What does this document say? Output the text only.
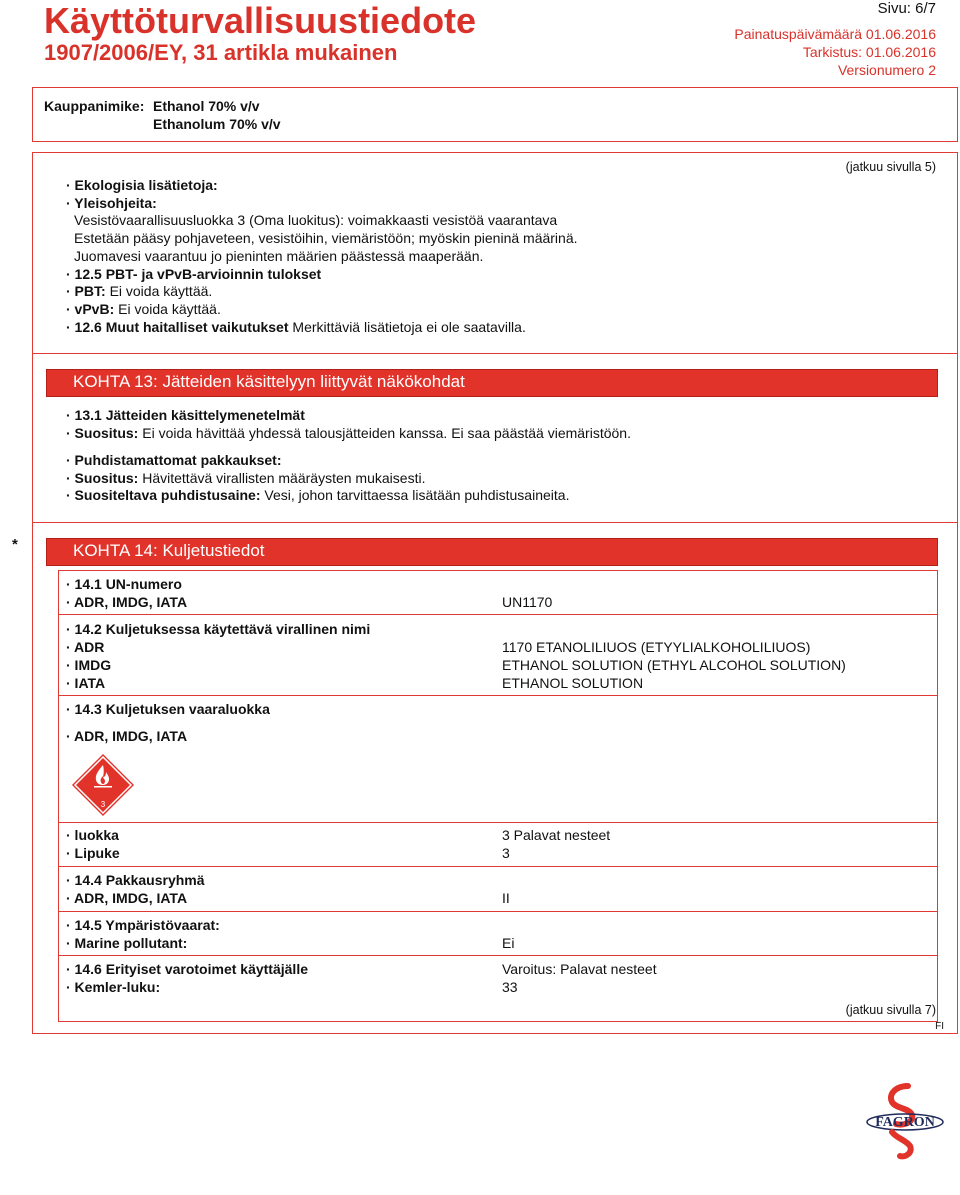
Käyttöturvallisuustiedote
1907/2006/EY, 31 artikla mukainen
Sivu: 6/7
Painatuspäivämäärä 01.06.2016
Tarkistus: 01.06.2016
Versionumero 2
Kauppanimike: Ethanol 70% v/v
Ethanolum 70% v/v
(jatkuu sivulla 5)
· Ekologisia lisätietoja:
· Yleisohjeita:
Vesistövaarallisuusluokka 3 (Oma luokitus): voimakkaasti vesistöä vaarantava
Estetään pääsy pohjaveteen, vesistöihin, viemäristöön; myöskin pieninä määrinä.
Juomavesi vaarantuu jo pieninten määrien päästessä maaperään.
· 12.5 PBT- ja vPvB-arvioinnin tulokset
· PBT: Ei voida käyttää.
· vPvB: Ei voida käyttää.
· 12.6 Muut haitalliset vaikutukset Merkittäviä lisätietoja ei ole saatavilla.
KOHTA 13: Jätteiden käsittelyyn liittyvät näkökohdat
· 13.1 Jätteiden käsittelymenetelmät
· Suositus: Ei voida hävittää yhdessä talousjätteiden kanssa. Ei saa päästää viemäristöön.
· Puhdistamattomat pakkaukset:
· Suositus: Hävitettävä virallisten määräysten mukaisesti.
· Suositeltava puhdistusaine: Vesi, johon tarvittaessa lisätään puhdistusaineita.
*	KOHTA 14: Kuljetustiedot
· 14.1 UN-numero
· ADR, IMDG, IATA	UN1170
· 14.2 Kuljetuksessa käytettävä virallinen nimi
· ADR	1170 ETANOLILIUOS (ETYYLIALKOHOLILIUOS)
· IMDG	ETHANOL SOLUTION (ETHYL ALCOHOL SOLUTION)
· IATA	ETHANOL SOLUTION
· 14.3 Kuljetuksen vaaraluokka
· ADR, IMDG, IATA
3
· luokka	3 Palavat nesteet
· Lipuke	3
· 14.4 Pakkausryhmä
· ADR, IMDG, IATA	II
· 14.5 Ympäristövaarat:
· Marine pollutant:	Ei
· 14.6 Erityiset varotoimet käyttäjälle	Varoitus: Palavat nesteet
· Kemler-luku:	33
(jatkuu sivulla 7)
FI
FAGRON
